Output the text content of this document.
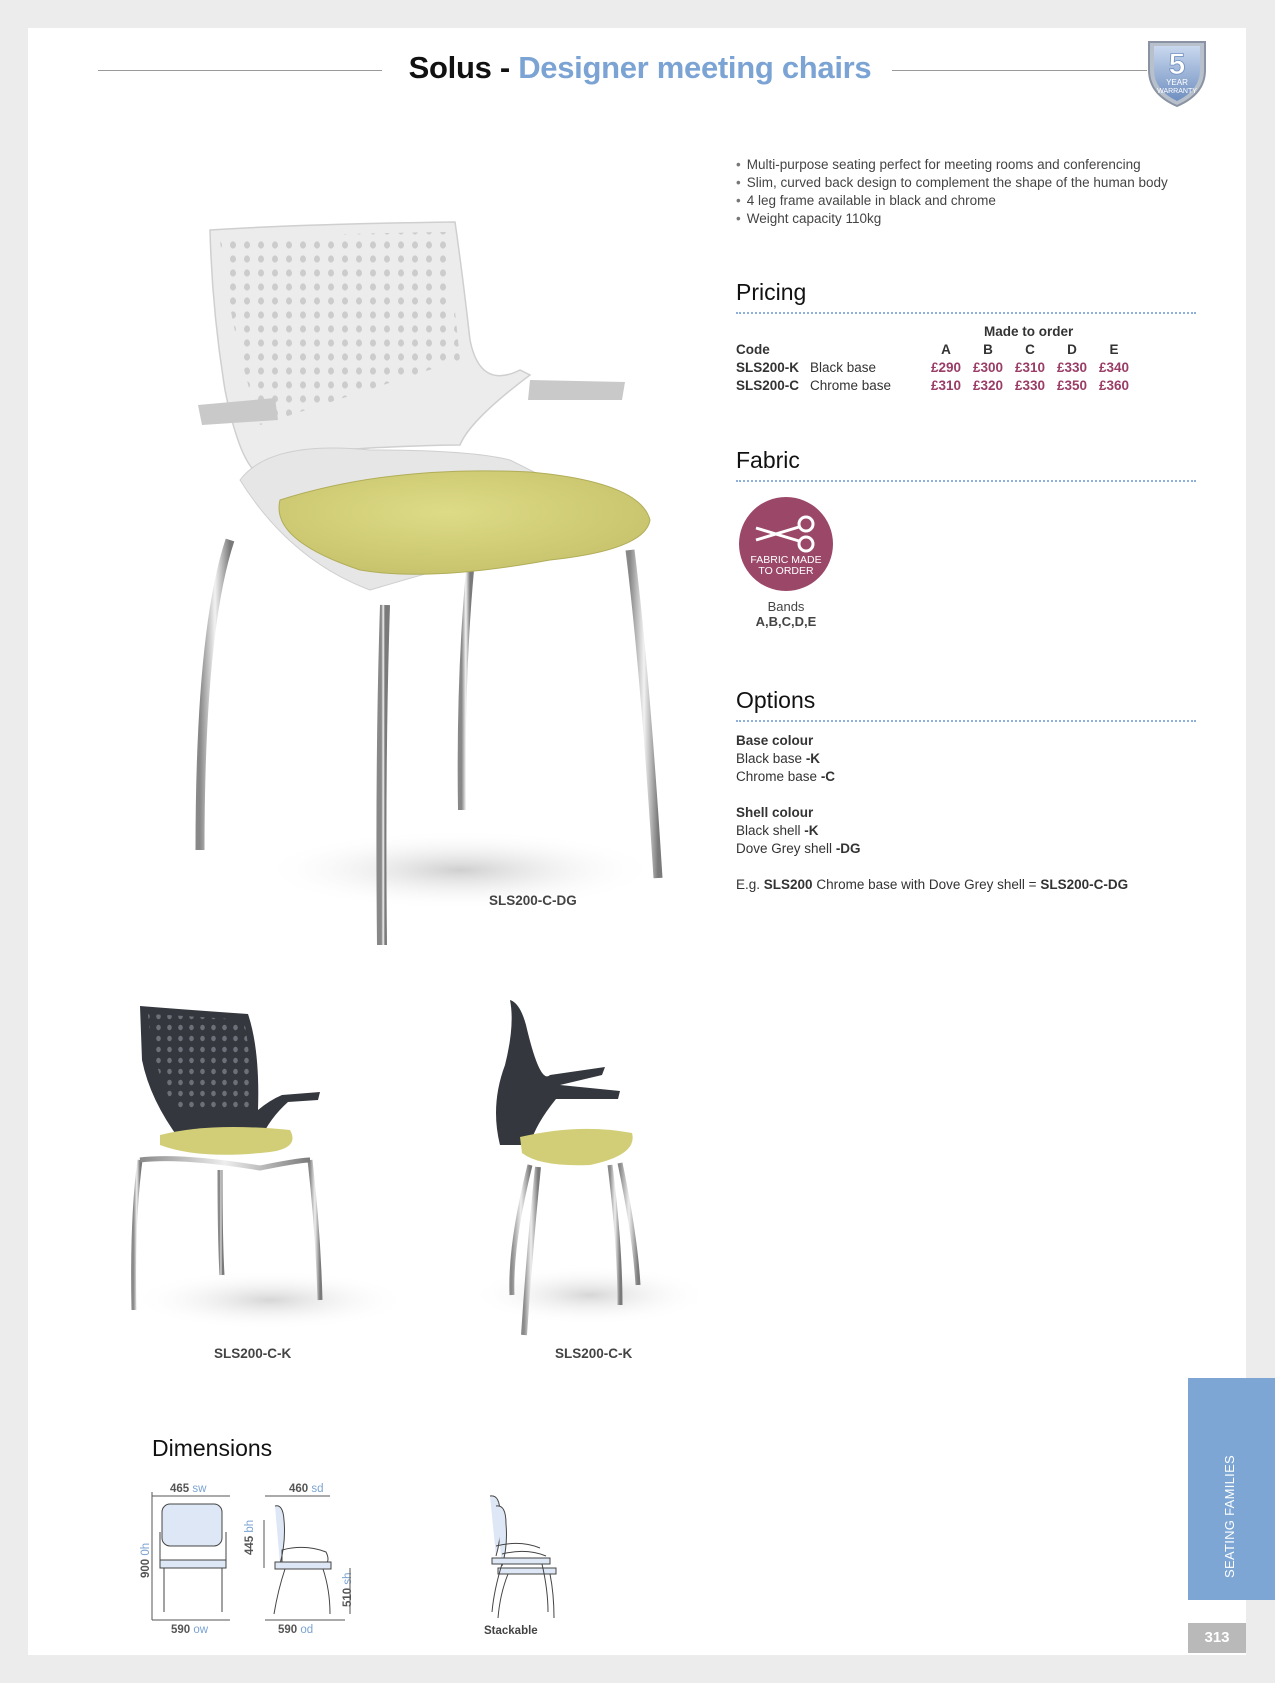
Solus - Designer meeting chairs	5
YEAR
WARRANTY
• Multi-purpose seating perfect for meeting rooms and conferencing
• Slim, curved back design to complement the shape of the human body
• 4 leg frame available in black and chrome
• Weight capacity 110kg
Pricing
Made to order
Code	A	B	C	D	E
SLS200-K Black base	£290 £300 £310 £330 £340
SLS200-C Chrome base	£310 £320 £330 £350 £360
Fabric
FABRIC MADE
TO ORDER
Bands
A,B,C,D,E
Options
Base colour
Black base -K
Chrome base -C
Shell colour
Black shell -K
Dove Grey shell -DG
E.g. SLS200 Chrome base with Dove Grey shell = SLS200-C-DG
SLS200-C-DG
SLS200-C-K	SLS200-C-K
Dimensions
465 sw	460 sd
900 0h	445 bh
510 sh
590 ow	590 od	Stackable
SEATING FAMILIES
313
